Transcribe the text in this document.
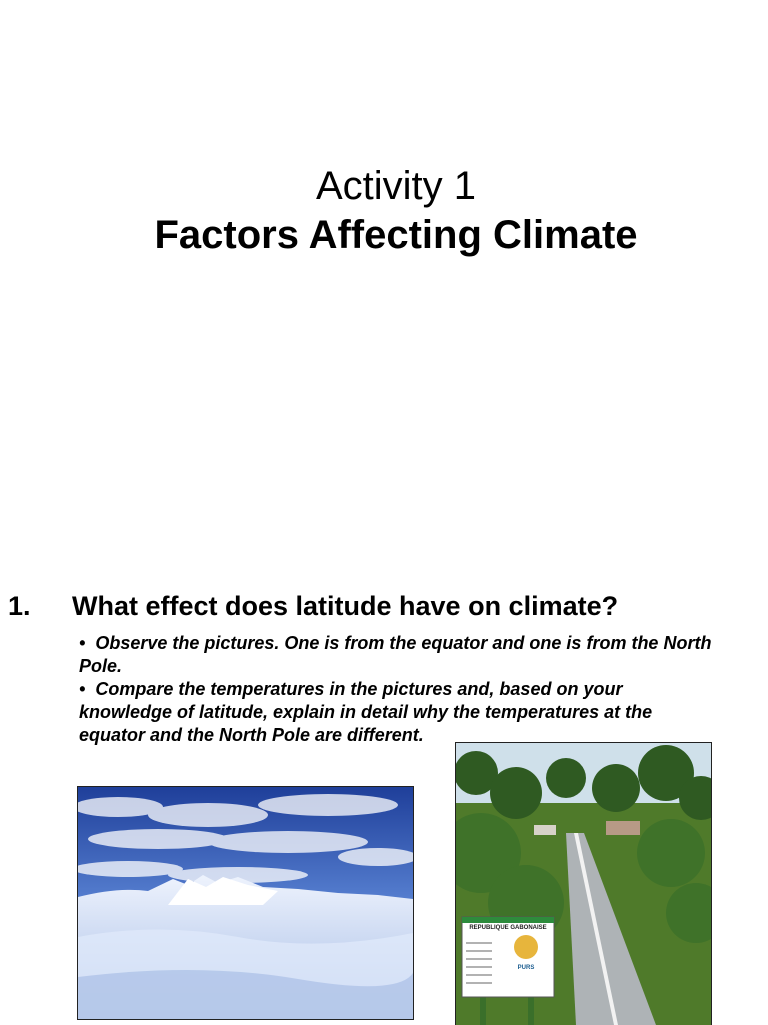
Activity 1
Factors Affecting Climate
1. What effect does latitude have on climate?

• Observe the pictures. One is from the equator and one is from the North Pole.

• Compare the temperatures in the pictures and, based on your knowledge of latitude, explain in detail why the temperatures at the equator and the North Pole are different.

REPUBLIQUE GABONAISE
PURS
